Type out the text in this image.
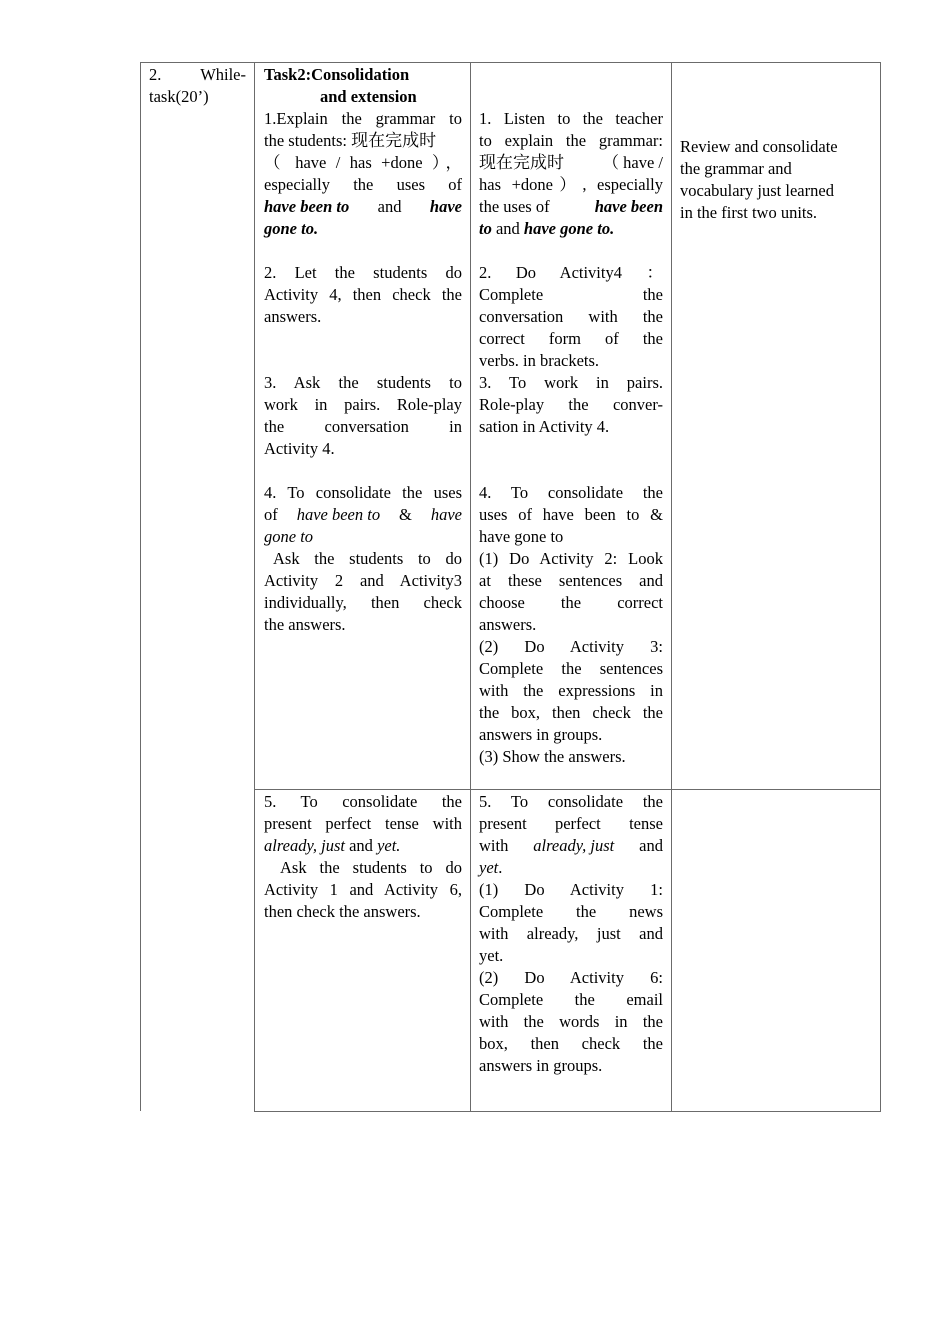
2. While-
task(20’)
Task2:Consolidation
and extension
1.Explain the grammar to
the students: 现在完成时
（ have / has +done ），
especially the uses of
have been to and have
gone to.
2. Let the students do
Activity 4, then check the
answers.
3. Ask the students to
work in pairs. Role-play
the conversation in
Activity 4.
4. To consolidate the uses
of have been to & have
gone to
Ask the students to do
Activity 2 and Activity3
individually, then check
the answers.
1. Listen to the teacher
to explain the grammar:
现在完成时 （ have /
has +done）, especially
the uses of	have been
to and have gone to.
2. Do Activity4 ：
Complete the
conversation with the
correct form of the
verbs. in brackets.
3. To work in pairs.
Role-play the conver-
sation in Activity 4.
4. To consolidate the
uses of have been to &
have gone to
(1) Do Activity 2: Look
at these sentences and
choose the correct
answers.
(2) Do Activity 3:
Complete the sentences
with the expressions in
the box, then check the
answers in groups.
(3) Show the answers.
Review and consolidate
the grammar and
vocabulary just learned
in the first two units.
5. To consolidate the
present perfect tense with
already, just and yet.
Ask the students to do
Activity 1 and Activity 6,
then check the answers.
5. To consolidate the
present perfect tense
with already, just and
yet.
(1) Do Activity 1:
Complete the news
with already, just and
yet.
(2) Do Activity 6:
Complete the email
with the words in the
box, then check the
answers in groups.
